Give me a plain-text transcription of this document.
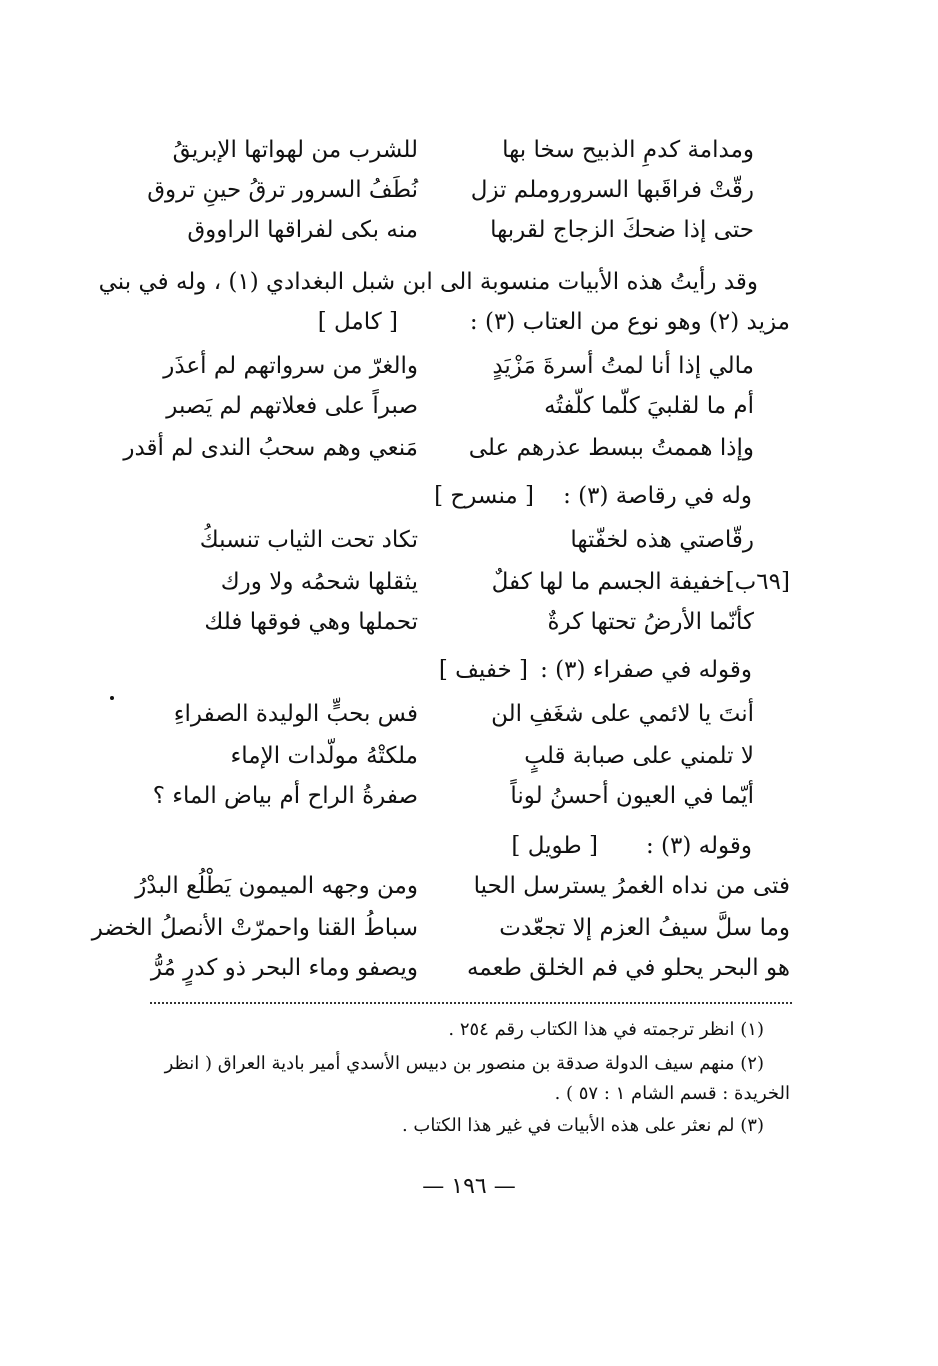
ومدامة كدمِ الذبيح سخا بها
للشرب من لهواتها الإبريقُ
رقّتْ فراقَبها السروروملم تزل
نُطَفُ السرور ترقُ حينِ تروق
حتى إذا ضحكَ الزجاج لقربها
منه بكى لفراقها الراووق
وقد رأيتُ هذه الأبيات منسوبة الى ابن شبل البغدادي (١) ، وله في بني
مزيد (٢) وهو نوع من العتاب (٣) :
[ كامل ]
مالي إذا أنا لمتُ أسرةَ مَزْيَدٍ
والغرّ من سرواتهم لم أعذَر
أم ما لقلبيَ كلّما كلّفتُه
صبراً على فعلاتهم لم يَصبر
وإذا هممتُ ببسط عذرهم على
مَنعي وهم سحبُ الندى لم أقدر
وله في رقاصة (٣) :
[ منسرح ]
رقّاصتي هذه لخفّتها
تكاد تحت الثياب تنسبكُ
[٦٩ب]خفيفة الجسم ما لها كفلٌ
يثقلها شحمُه ولا ورك
كأنّما الأرضُ تحتها كرةٌ
تحملها وهي فوقها فلك
وقوله في صفراء (٣) :
[ خفيف ]
أنتَ يا لائمي على شغَفِ الن
فس بحبٍّ الوليدة الصفراءِ
لا تلمني على صبابة قلبٍ
ملكتْهُ مولّدات الإماء
أيّما في العيون أحسنُ لوناً
صفرةُ الراح أم بياض الماء ؟
وقوله (٣) :
[ طويل ]
فتى من نداه الغمرُ يسترسل الحيا
ومن وجهه الميمون يَطْلُع البدْرُ
وما سلَّ سيفُ العزم إلا تجعّدت
سباطُ القنا واحمرّتْ الأنصلُ الخضر
هو البحر يحلو في فم الخلق طعمه
ويصفو وماء البحر ذو كدرٍ مُرُّ
(١) انظر ترجمته في هذا الكتاب رقم ٢٥٤ .
(٢) منهم سيف الدولة صدقة بن منصور بن دبيس الأسدي أمير بادية العراق ( انظر
الخريدة : قسم الشام ١ : ٥٧ ) .
(٣) لم نعثر على هذه الأبيات في غير هذا الكتاب .
— ١٩٦ —
